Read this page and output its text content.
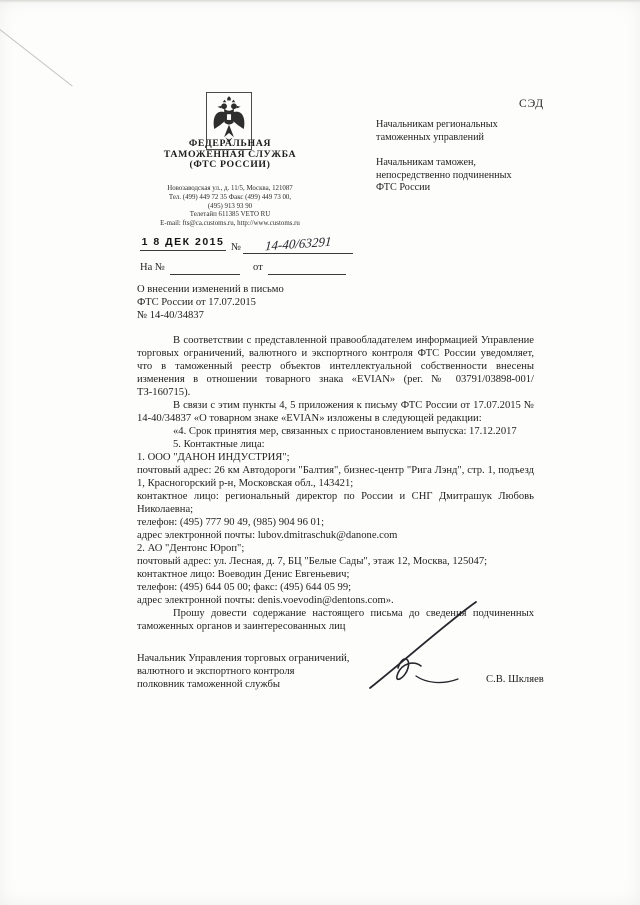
СЭД
ФЕДЕРАЛЬНАЯ
ТАМОЖЕННАЯ СЛУЖБА
(ФТС РОССИИ)
Новозаводская ул., д. 11/5, Москва, 121087
Тел. (499) 449 72 35 Факс (499) 449 73 00,
(495) 913 93 90
Телетайп 611385 VETO RU
E-mail: fts@ca.customs.ru, http://www.customs.ru
Начальникам региональных
таможенных управлений
Начальникам таможен,
непосредственно подчиненных
ФТС России
1 8 ДЕК 2015 №	14-40/63291
На №	от
О внесении изменений в письмо
ФТС России от 17.07.2015
№ 14-40/34837

В соответствии с представленной правообладателем информацией Управление торговых ограничений, валютного и экспортного контроля ФТС России уведомляет, что в таможенный реестр объектов интеллектуальной собственности внесены изменения в отношении товарного знака «EVIAN» (рег. № 03791/03898-001/ТЗ-160715).

В связи с этим пункты 4, 5 приложения к письму ФТС России от 17.07.2015 № 14-40/34837 «О товарном знаке «EVIAN» изложены в следующей редакции:

«4. Срок принятия мер, связанных с приостановлением выпуска: 17.12.2017

5. Контактные лица:

1. ООО "ДАНОН ИНДУСТРИЯ";

почтовый адрес: 26 км Автодороги "Балтия", бизнес-центр "Рига Лэнд", стр. 1, подъезд 1, Красногорский р-н, Московская обл., 143421;

контактное лицо: региональный директор по России и СНГ Дмитрашук Любовь Николаевна;

телефон: (495) 777 90 49, (985) 904 96 01;

адрес электронной почты: lubov.dmitraschuk@danone.com

2. АО "Дентонс Юроп";

почтовый адрес: ул. Лесная, д. 7, БЦ "Белые Сады", этаж 12, Москва, 125047;

контактное лицо: Воеводин Денис Евгеньевич;

телефон: (495) 644 05 00; факс: (495) 644 05 99;

адрес электронной почты: denis.voevodin@dentons.com».

Прошу довести содержание настоящего письма до сведения подчиненных таможенных органов и заинтересованных лиц

Начальник Управления торговых ограничений,
валютного и экспортного контроля
полковник таможенной службы	С.В. Шкляев
